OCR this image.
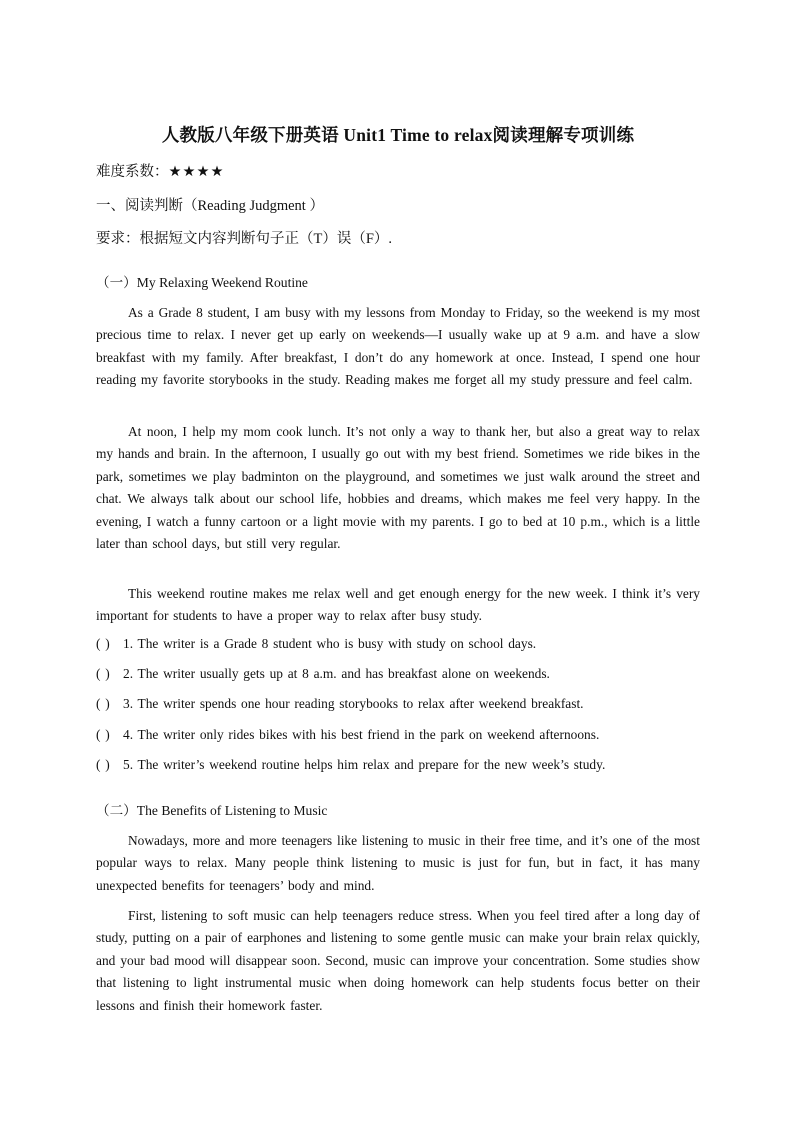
人教版八年级下册英语 Unit1 Time to relax阅读理解专项训练
难度系数：★★★★
一、阅读判断（Reading Judgment ）
要求：根据短文内容判断句子正（T）误（F）.
（一）My Relaxing Weekend Routine
As a Grade 8 student, I am busy with my lessons from Monday to Friday, so the weekend is my most precious time to relax. I never get up early on weekends—I usually wake up at 9 a.m. and have a slow breakfast with my family. After breakfast, I don’t do any homework at once. Instead, I spend one hour reading my favorite storybooks in the study. Reading makes me forget all my study pressure and feel calm.
At noon, I help my mom cook lunch. It’s not only a way to thank her, but also a great way to relax my hands and brain. In the afternoon, I usually go out with my best friend. Sometimes we ride bikes in the park, sometimes we play badminton on the playground, and sometimes we just walk around the street and chat. We always talk about our school life, hobbies and dreams, which makes me feel very happy. In the evening, I watch a funny cartoon or a light movie with my parents. I go to bed at 10 p.m., which is a little later than school days, but still very regular.
This weekend routine makes me relax well and get enough energy for the new week. I think it’s very important for students to have a proper way to relax after busy study.
( ) 1. The writer is a Grade 8 student who is busy with study on school days.
( ) 2. The writer usually gets up at 8 a.m. and has breakfast alone on weekends.
( ) 3. The writer spends one hour reading storybooks to relax after weekend breakfast.
( ) 4. The writer only rides bikes with his best friend in the park on weekend afternoons.
( ) 5. The writer’s weekend routine helps him relax and prepare for the new week’s study.
（二）The Benefits of Listening to Music
Nowadays, more and more teenagers like listening to music in their free time, and it’s one of the most popular ways to relax. Many people think listening to music is just for fun, but in fact, it has many unexpected benefits for teenagers’ body and mind.
First, listening to soft music can help teenagers reduce stress. When you feel tired after a long day of study, putting on a pair of earphones and listening to some gentle music can make your brain relax quickly, and your bad mood will disappear soon. Second, music can improve your concentration. Some studies show that listening to light instrumental music when doing homework can help students focus better on their lessons and finish their homework faster.
